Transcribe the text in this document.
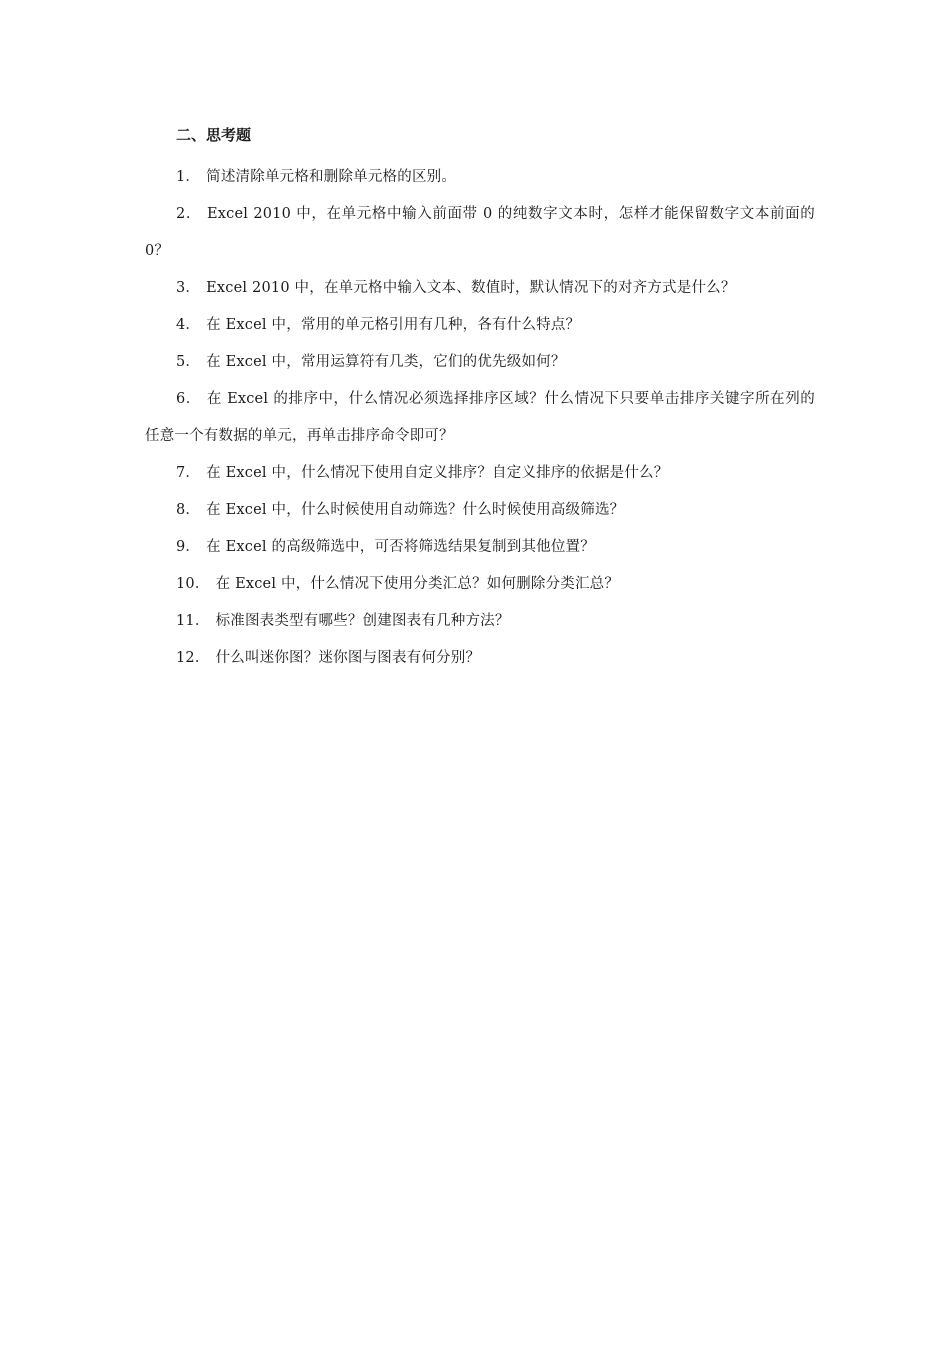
二、思考题
1． 简述清除单元格和删除单元格的区别。
2． Excel 2010 中，在单元格中输入前面带 0 的纯数字文本时，怎样才能保留数字文本前面的 0？
3． Excel 2010 中，在单元格中输入文本、数值时，默认情况下的对齐方式是什么？
4． 在 Excel 中，常用的单元格引用有几种，各有什么特点？
5． 在 Excel 中，常用运算符有几类，它们的优先级如何？
6． 在 Excel 的排序中，什么情况必须选择排序区域？什么情况下只要单击排序关键字所在列的任意一个有数据的单元，再单击排序命令即可？
7． 在 Excel 中，什么情况下使用自定义排序？自定义排序的依据是什么？
8． 在 Excel 中，什么时候使用自动筛选？什么时候使用高级筛选？
9． 在 Excel 的高级筛选中，可否将筛选结果复制到其他位置？
10． 在 Excel 中，什么情况下使用分类汇总？如何删除分类汇总？
11． 标准图表类型有哪些？创建图表有几种方法？
12． 什么叫迷你图？迷你图与图表有何分别？
